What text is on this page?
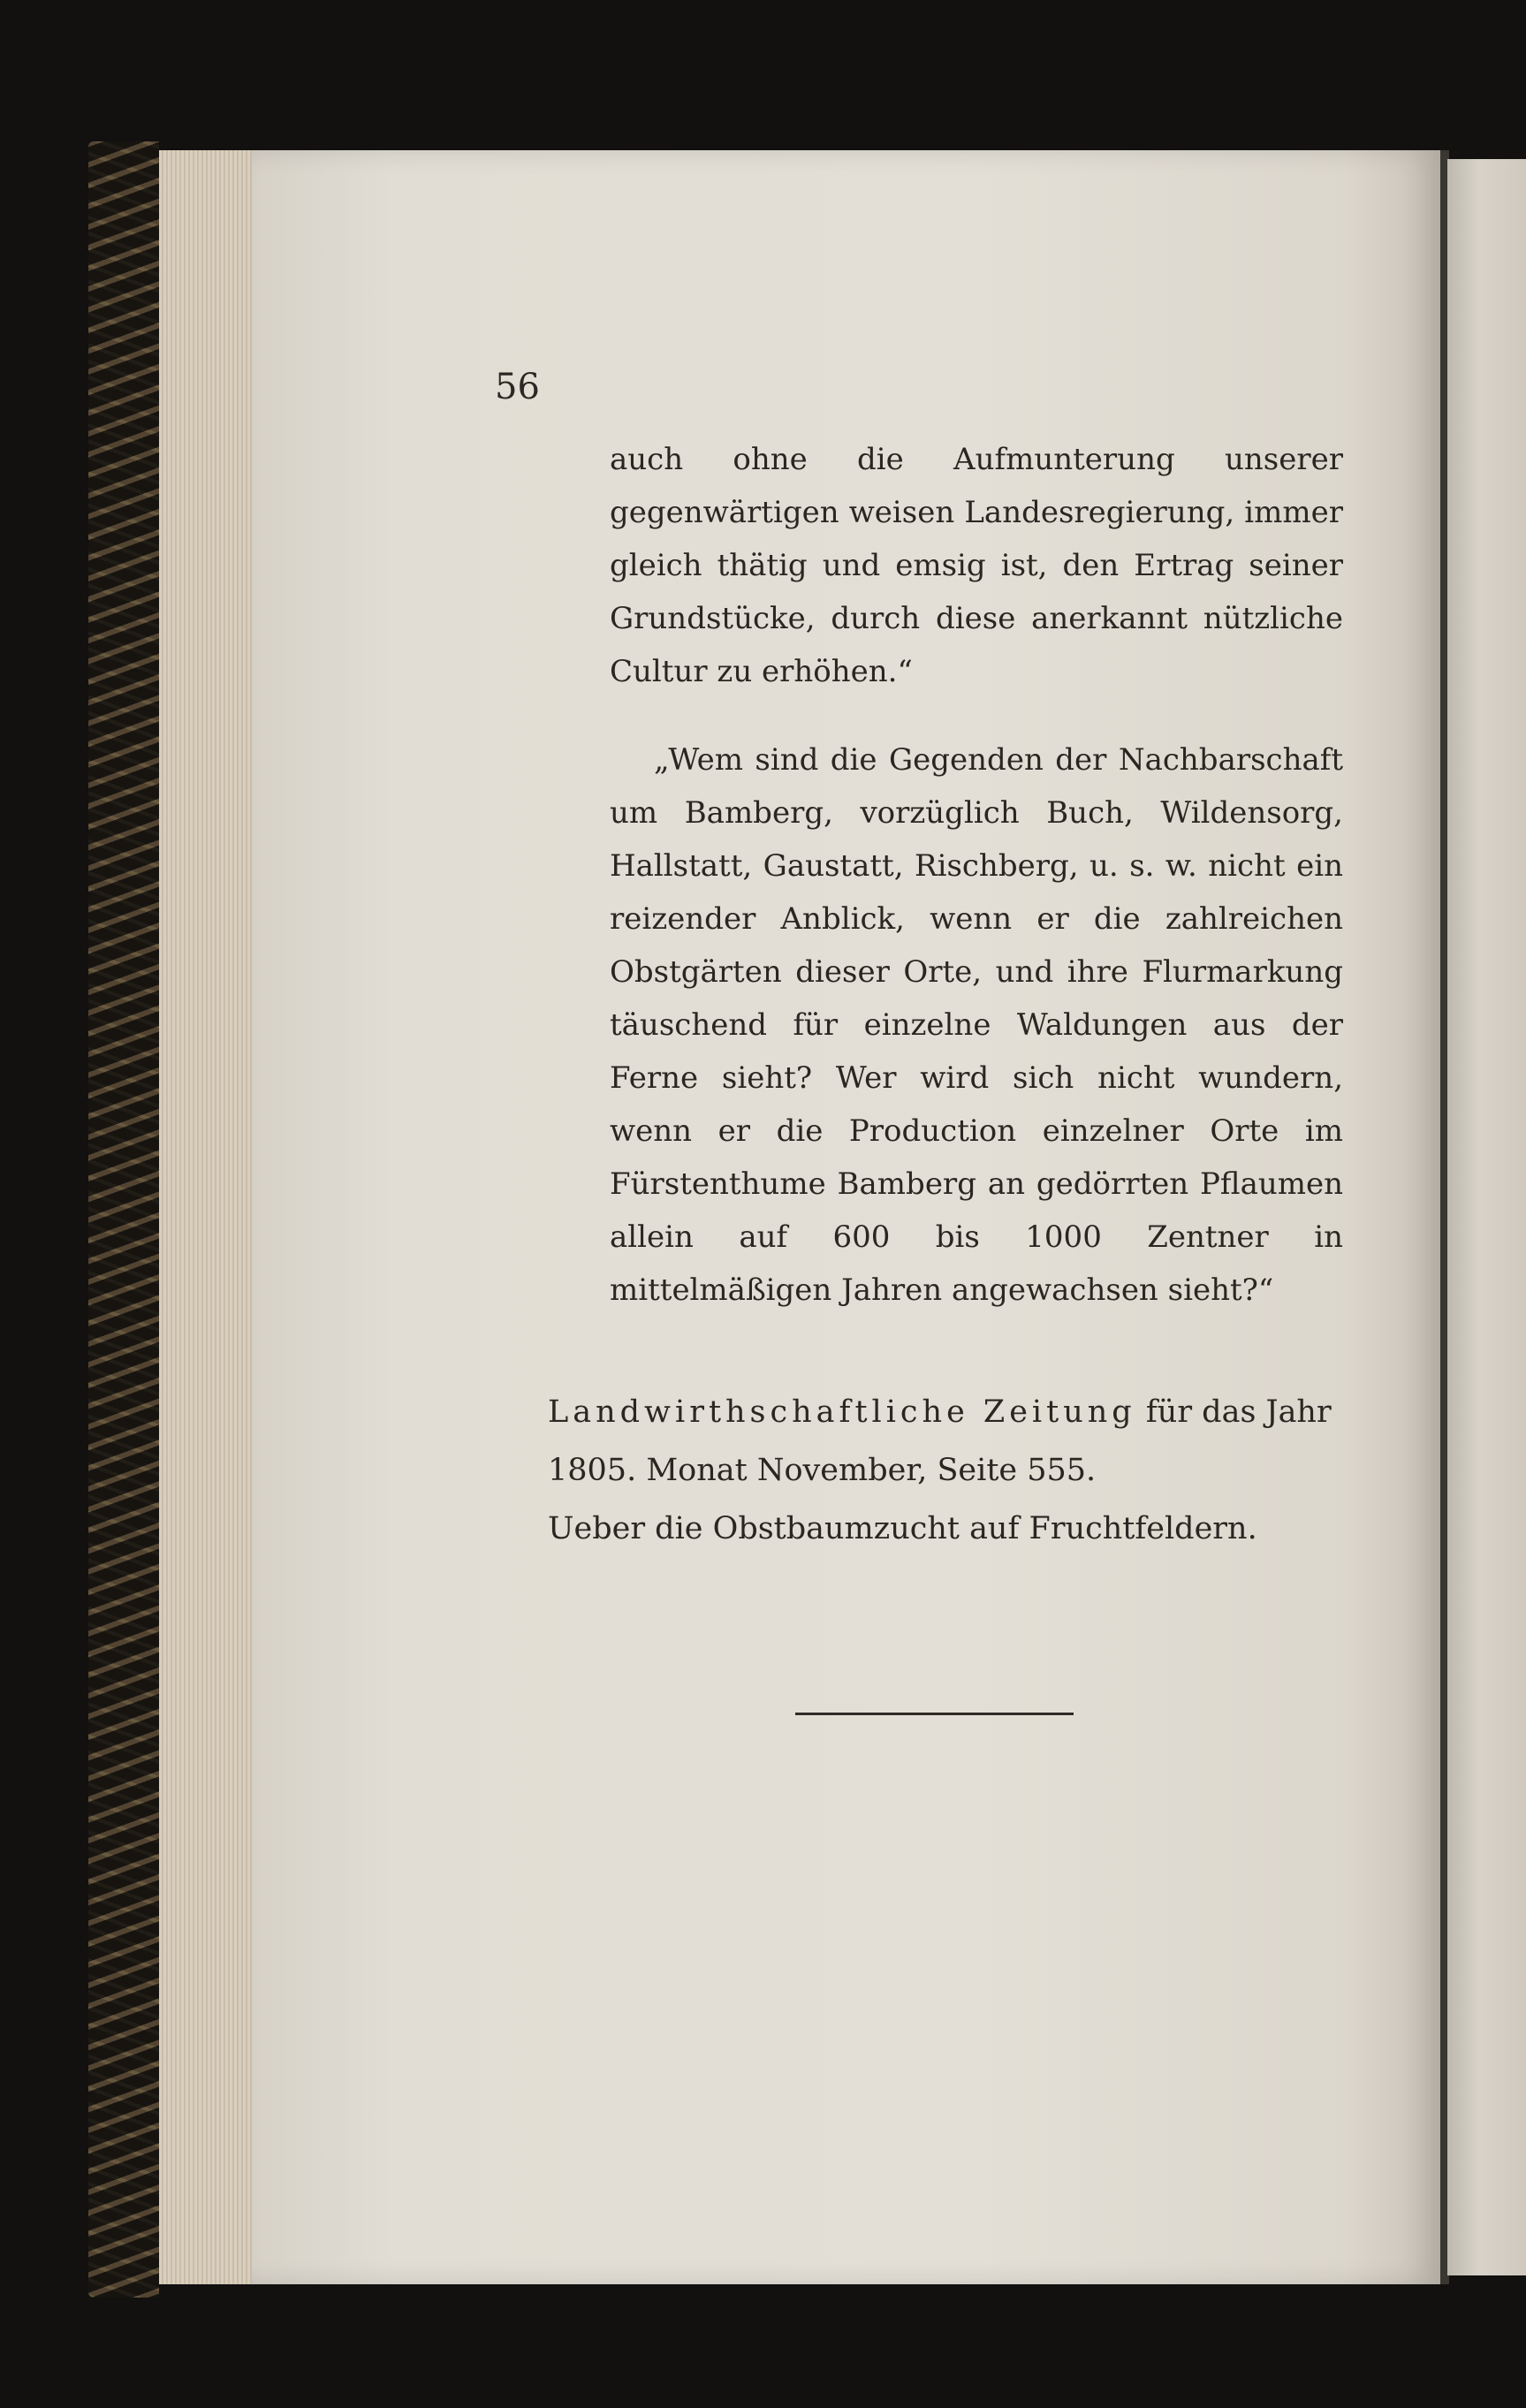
56

auch ohne die Aufmunterung unserer gegenwärtigen weisen Landesregierung, immer gleich thätig und emsig ist, den Ertrag seiner Grundstücke, durch diese anerkannt nützliche Cultur zu erhöhen.“

„Wem sind die Gegenden der Nachbarschaft um Bamberg, vorzüglich Buch, Wildensorg, Hallstatt, Gaustatt, Rischberg, u. s. w. nicht ein reizender Anblick, wenn er die zahlreichen Obstgärten dieser Orte, und ihre Flurmarkung täuschend für einzelne Waldungen aus der Ferne sieht? Wer wird sich nicht wundern, wenn er die Production einzelner Orte im Fürstenthume Bamberg an gedörrten Pflaumen allein auf 600 bis 1000 Zentner in mittelmäßigen Jahren angewachsen sieht?“

Landwirthschaftliche Zeitung für das Jahr 1805. Monat November, Seite 555.
Ueber die Obstbaumzucht auf Fruchtfeldern.
